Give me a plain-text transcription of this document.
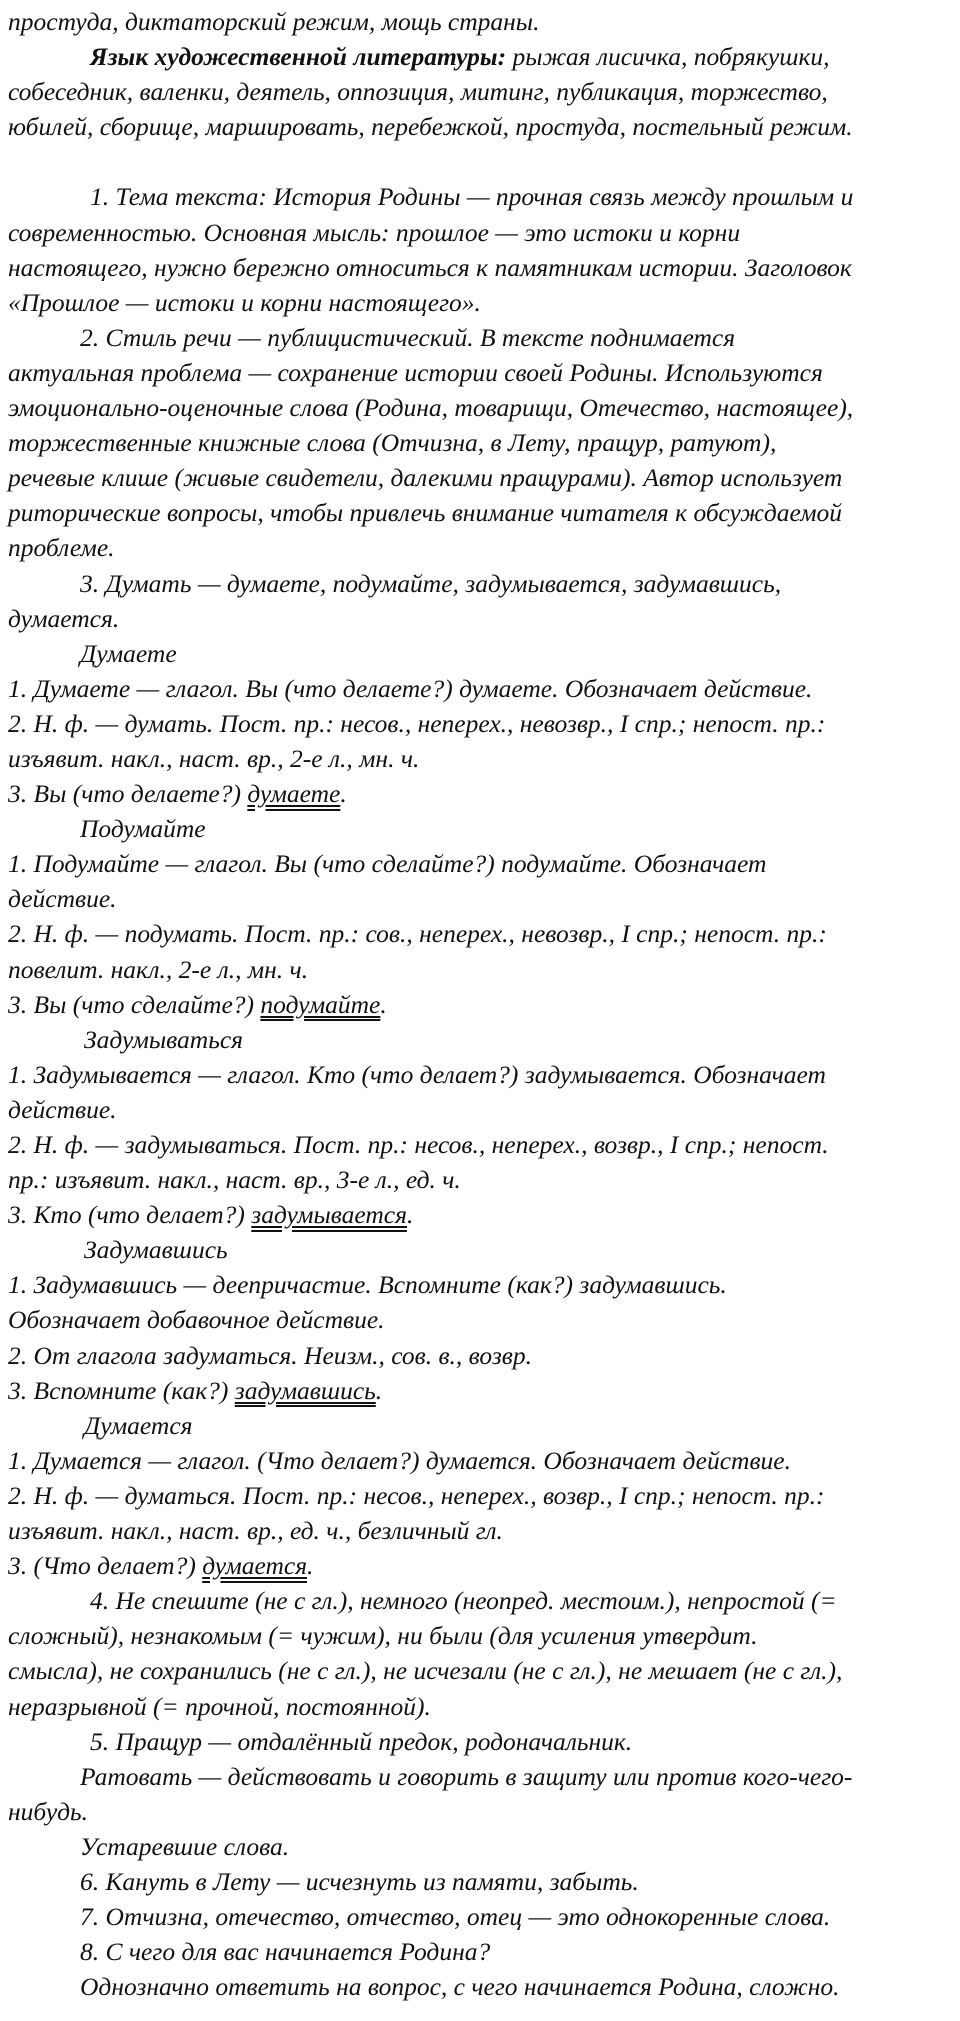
простуда, диктаторский режим, мощь страны.
Язык художественной литературы: рыжая лисичка, побрякушки,
собеседник, валенки, деятель, оппозиция, митинг, публикация, торжество,
юбилей, сборище, маршировать, перебежкой, простуда, постельный режим.
1. Тема текста: История Родины — прочная связь между прошлым и
современностью. Основная мысль: прошлое — это истоки и корни
настоящего, нужно бережно относиться к памятникам истории. Заголовок
«Прошлое — истоки и корни настоящего».
2. Стиль речи — публицистический. В тексте поднимается
актуальная проблема — сохранение истории своей Родины. Используются
эмоционально-оценочные слова (Родина, товарищи, Отечество, настоящее),
торжественные книжные слова (Отчизна, в Лету, пращур, ратуют),
речевые клише (живые свидетели, далекими пращурами). Автор использует
риторические вопросы, чтобы привлечь внимание читателя к обсуждаемой
проблеме.
3. Думать — думаете, подумайте, задумывается, задумавшись,
думается.
Думаете
1. Думаете — глагол. Вы (что делаете?) думаете. Обозначает действие.
2. Н. ф. — думать. Пост. пр.: несов., неперех., невозвр., I спр.; непост. пр.:
изъявит. накл., наст. вр., 2-е л., мн. ч.
3. Вы (что делаете?) думаете.
Подумайте
1. Подумайте — глагол. Вы (что сделайте?) подумайте. Обозначает
действие.
2. Н. ф. — подумать. Пост. пр.: сов., неперех., невозвр., I спр.; непост. пр.:
повелит. накл., 2-е л., мн. ч.
3. Вы (что сделайте?) подумайте.
Задумываться
1. Задумывается — глагол. Кто (что делает?) задумывается. Обозначает
действие.
2. Н. ф. — задумываться. Пост. пр.: несов., неперех., возвр., I спр.; непост.
пр.: изъявит. накл., наст. вр., 3-е л., ед. ч.
3. Кто (что делает?) задумывается.
Задумавшись
1. Задумавшись — деепричастие. Вспомните (как?) задумавшись.
Обозначает добавочное действие.
2. От глагола задуматься. Неизм., сов. в., возвр.
3. Вспомните (как?) задумавшись.
Думается
1. Думается — глагол. (Что делает?) думается. Обозначает действие.
2. Н. ф. — думаться. Пост. пр.: несов., неперех., возвр., I спр.; непост. пр.:
изъявит. накл., наст. вр., ед. ч., безличный гл.
3. (Что делает?) думается.
4. Не спешите (не с гл.), немного (неопред. местоим.), непростой (=
сложный), незнакомым (= чужим), ни были (для усиления утвердит.
смысла), не сохранились (не с гл.), не исчезали (не с гл.), не мешает (не с гл.),
неразрывной (= прочной, постоянной).
5. Пращур — отдалённый предок, родоначальник.
Ратовать — действовать и говорить в защиту или против кого-чего-
нибудь.
Устаревшие слова.
6. Кануть в Лету — исчезнуть из памяти, забыть.
7. Отчизна, отечество, отчество, отец — это однокоренные слова.
8. С чего для вас начинается Родина?
Однозначно ответить на вопрос, с чего начинается Родина, сложно.
